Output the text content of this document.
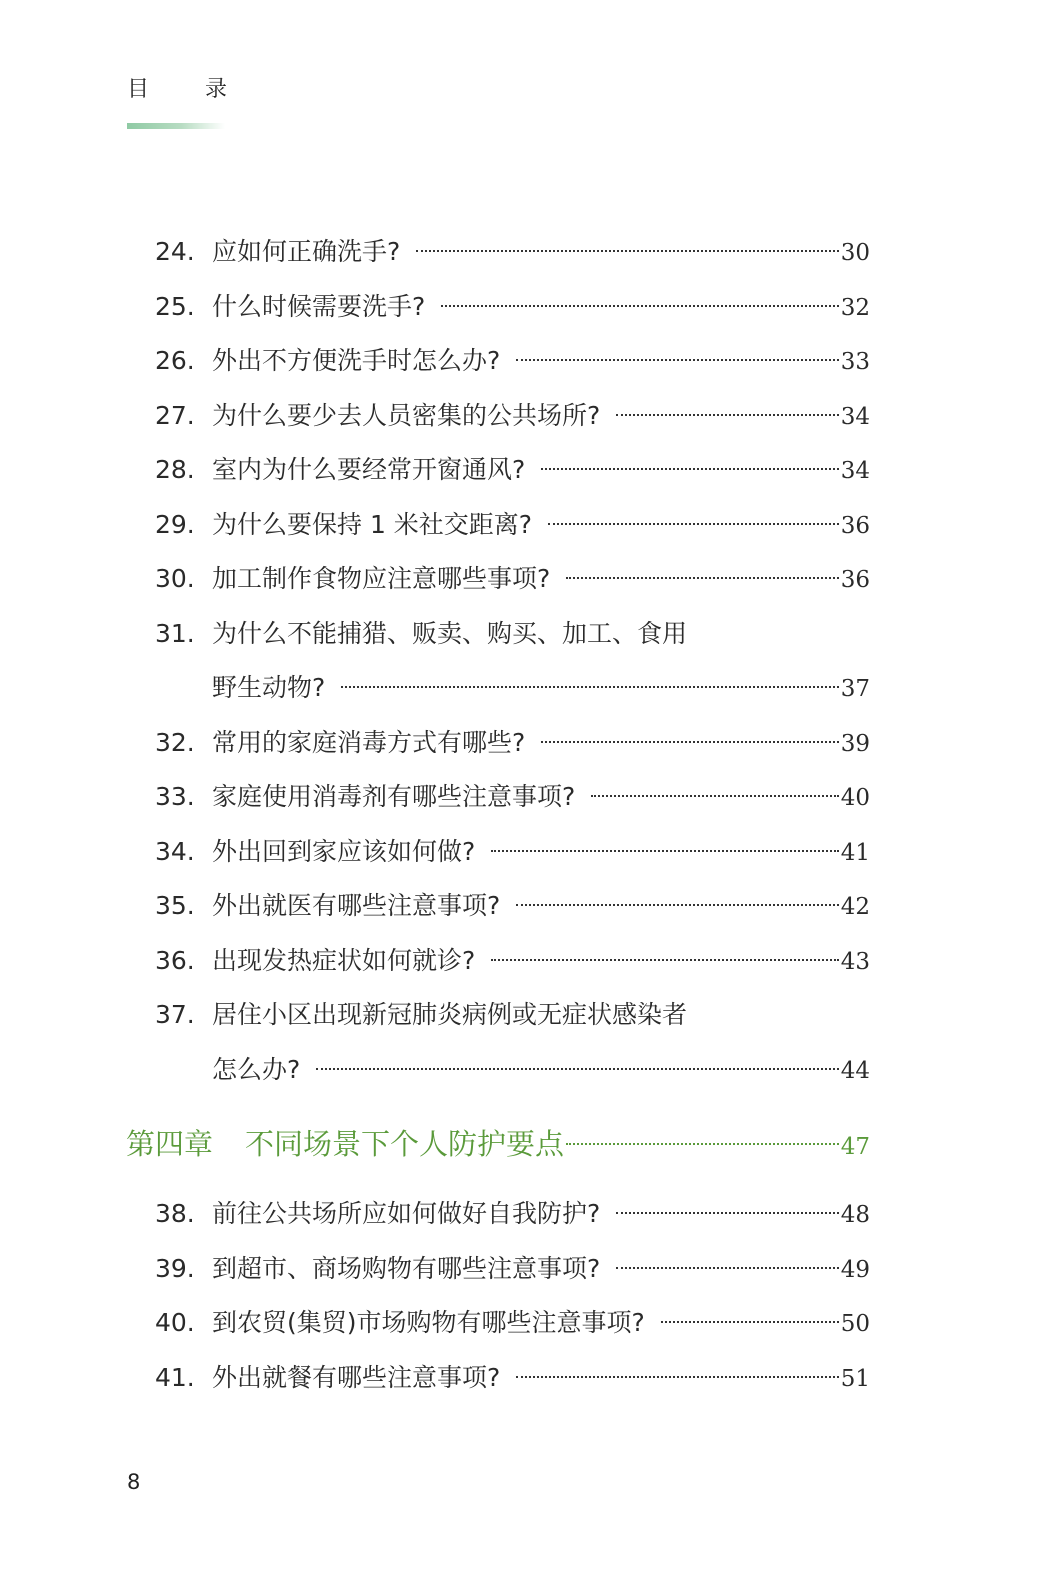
目	录
24. 应如何正确洗手?	30
25. 什么时候需要洗手?	32
26. 外出不方便洗手时怎么办?	33
27. 为什么要少去人员密集的公共场所?	34
28. 室内为什么要经常开窗通风?	34
29. 为什么要保持 1 米社交距离?	36
30. 加工制作食物应注意哪些事项?	36
31. 为什么不能捕猎、贩卖、购买、加工、食用
野生动物?	37
32. 常用的家庭消毒方式有哪些?	39
33. 家庭使用消毒剂有哪些注意事项?	40
34. 外出回到家应该如何做?	41
35. 外出就医有哪些注意事项?	42
36. 出现发热症状如何就诊?	43
37. 居住小区出现新冠肺炎病例或无症状感染者
怎么办?	44
第四章 不同场景下个人防护要点	47
38. 前往公共场所应如何做好自我防护?	48
39. 到超市、商场购物有哪些注意事项?	49
40. 到农贸(集贸)市场购物有哪些注意事项?	50
41. 外出就餐有哪些注意事项?	51
8
